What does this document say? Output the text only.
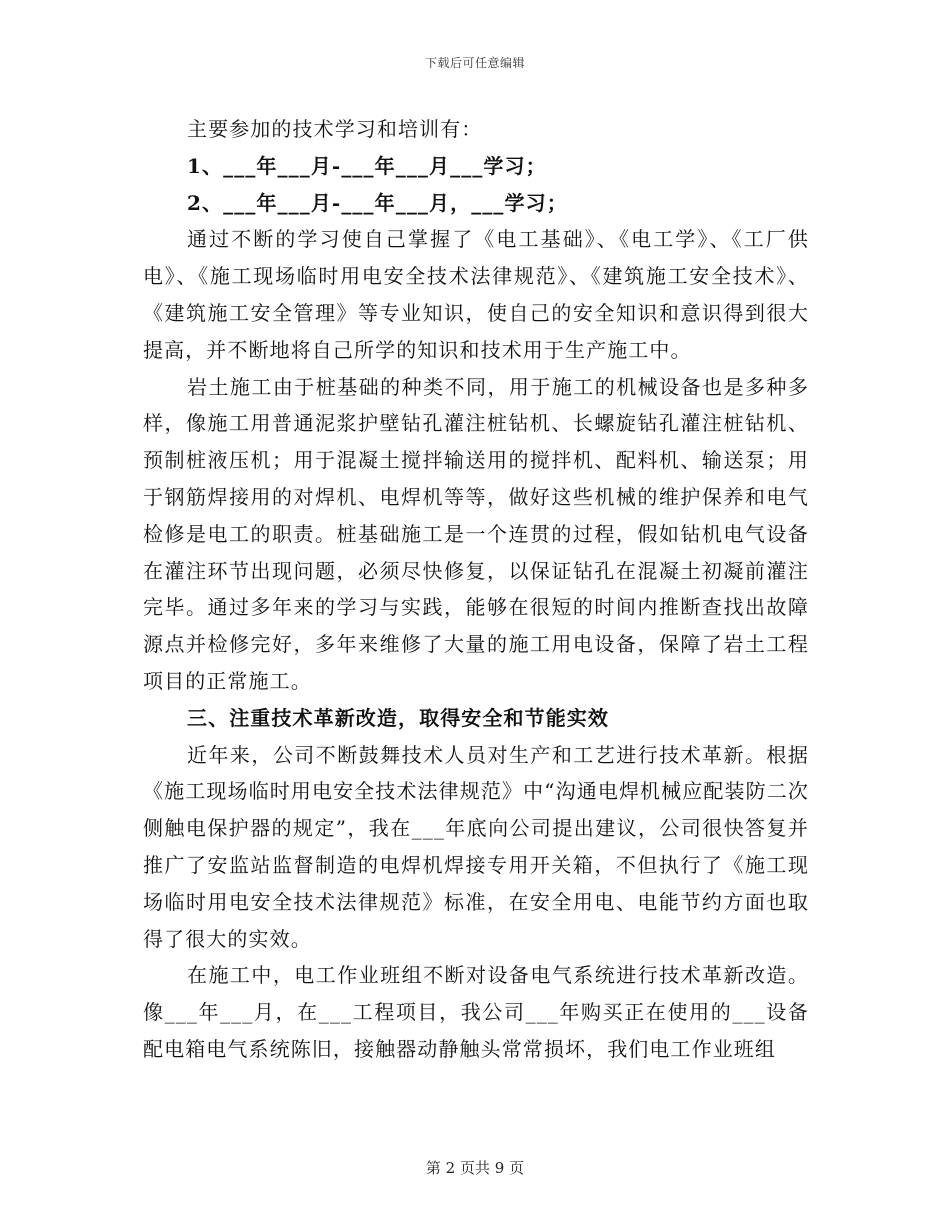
下载后可任意编辑

主要参加的技术学习和培训有：

1、___年___月-___年___月___学习；

2、___年___月-___年___月，___学习；

通过不断的学习使自己掌握了《电工基础》、《电工学》、《工厂供电》、《施工现场临时用电安全技术法律规范》、《建筑施工安全技术》、《建筑施工安全管理》等专业知识，使自己的安全知识和意识得到很大提高，并不断地将自己所学的知识和技术用于生产施工中。

岩土施工由于桩基础的种类不同，用于施工的机械设备也是多种多样，像施工用普通泥浆护壁钻孔灌注桩钻机、长螺旋钻孔灌注桩钻机、预制桩液压机；用于混凝土搅拌输送用的搅拌机、配料机、输送泵；用于钢筋焊接用的对焊机、电焊机等等，做好这些机械的维护保养和电气检修是电工的职责。桩基础施工是一个连贯的过程，假如钻机电气设备在灌注环节出现问题，必须尽快修复，以保证钻孔在混凝土初凝前灌注完毕。通过多年来的学习与实践，能够在很短的时间内推断查找出故障源点并检修完好，多年来维修了大量的施工用电设备，保障了岩土工程项目的正常施工。

三、注重技术革新改造，取得安全和节能实效

近年来，公司不断鼓舞技术人员对生产和工艺进行技术革新。根据《施工现场临时用电安全技术法律规范》中“沟通电焊机械应配装防二次侧触电保护器的规定”，我在___年底向公司提出建议，公司很快答复并推广了安监站监督制造的电焊机焊接专用开关箱，不但执行了《施工现场临时用电安全技术法律规范》标准，在安全用电、电能节约方面也取得了很大的实效。

在施工中，电工作业班组不断对设备电气系统进行技术革新改造。像___年___月，在___工程项目，我公司___年购买正在使用的___设备配电箱电气系统陈旧，接触器动静触头常常损坏，我们电工作业班组

第 2 页共 9 页
